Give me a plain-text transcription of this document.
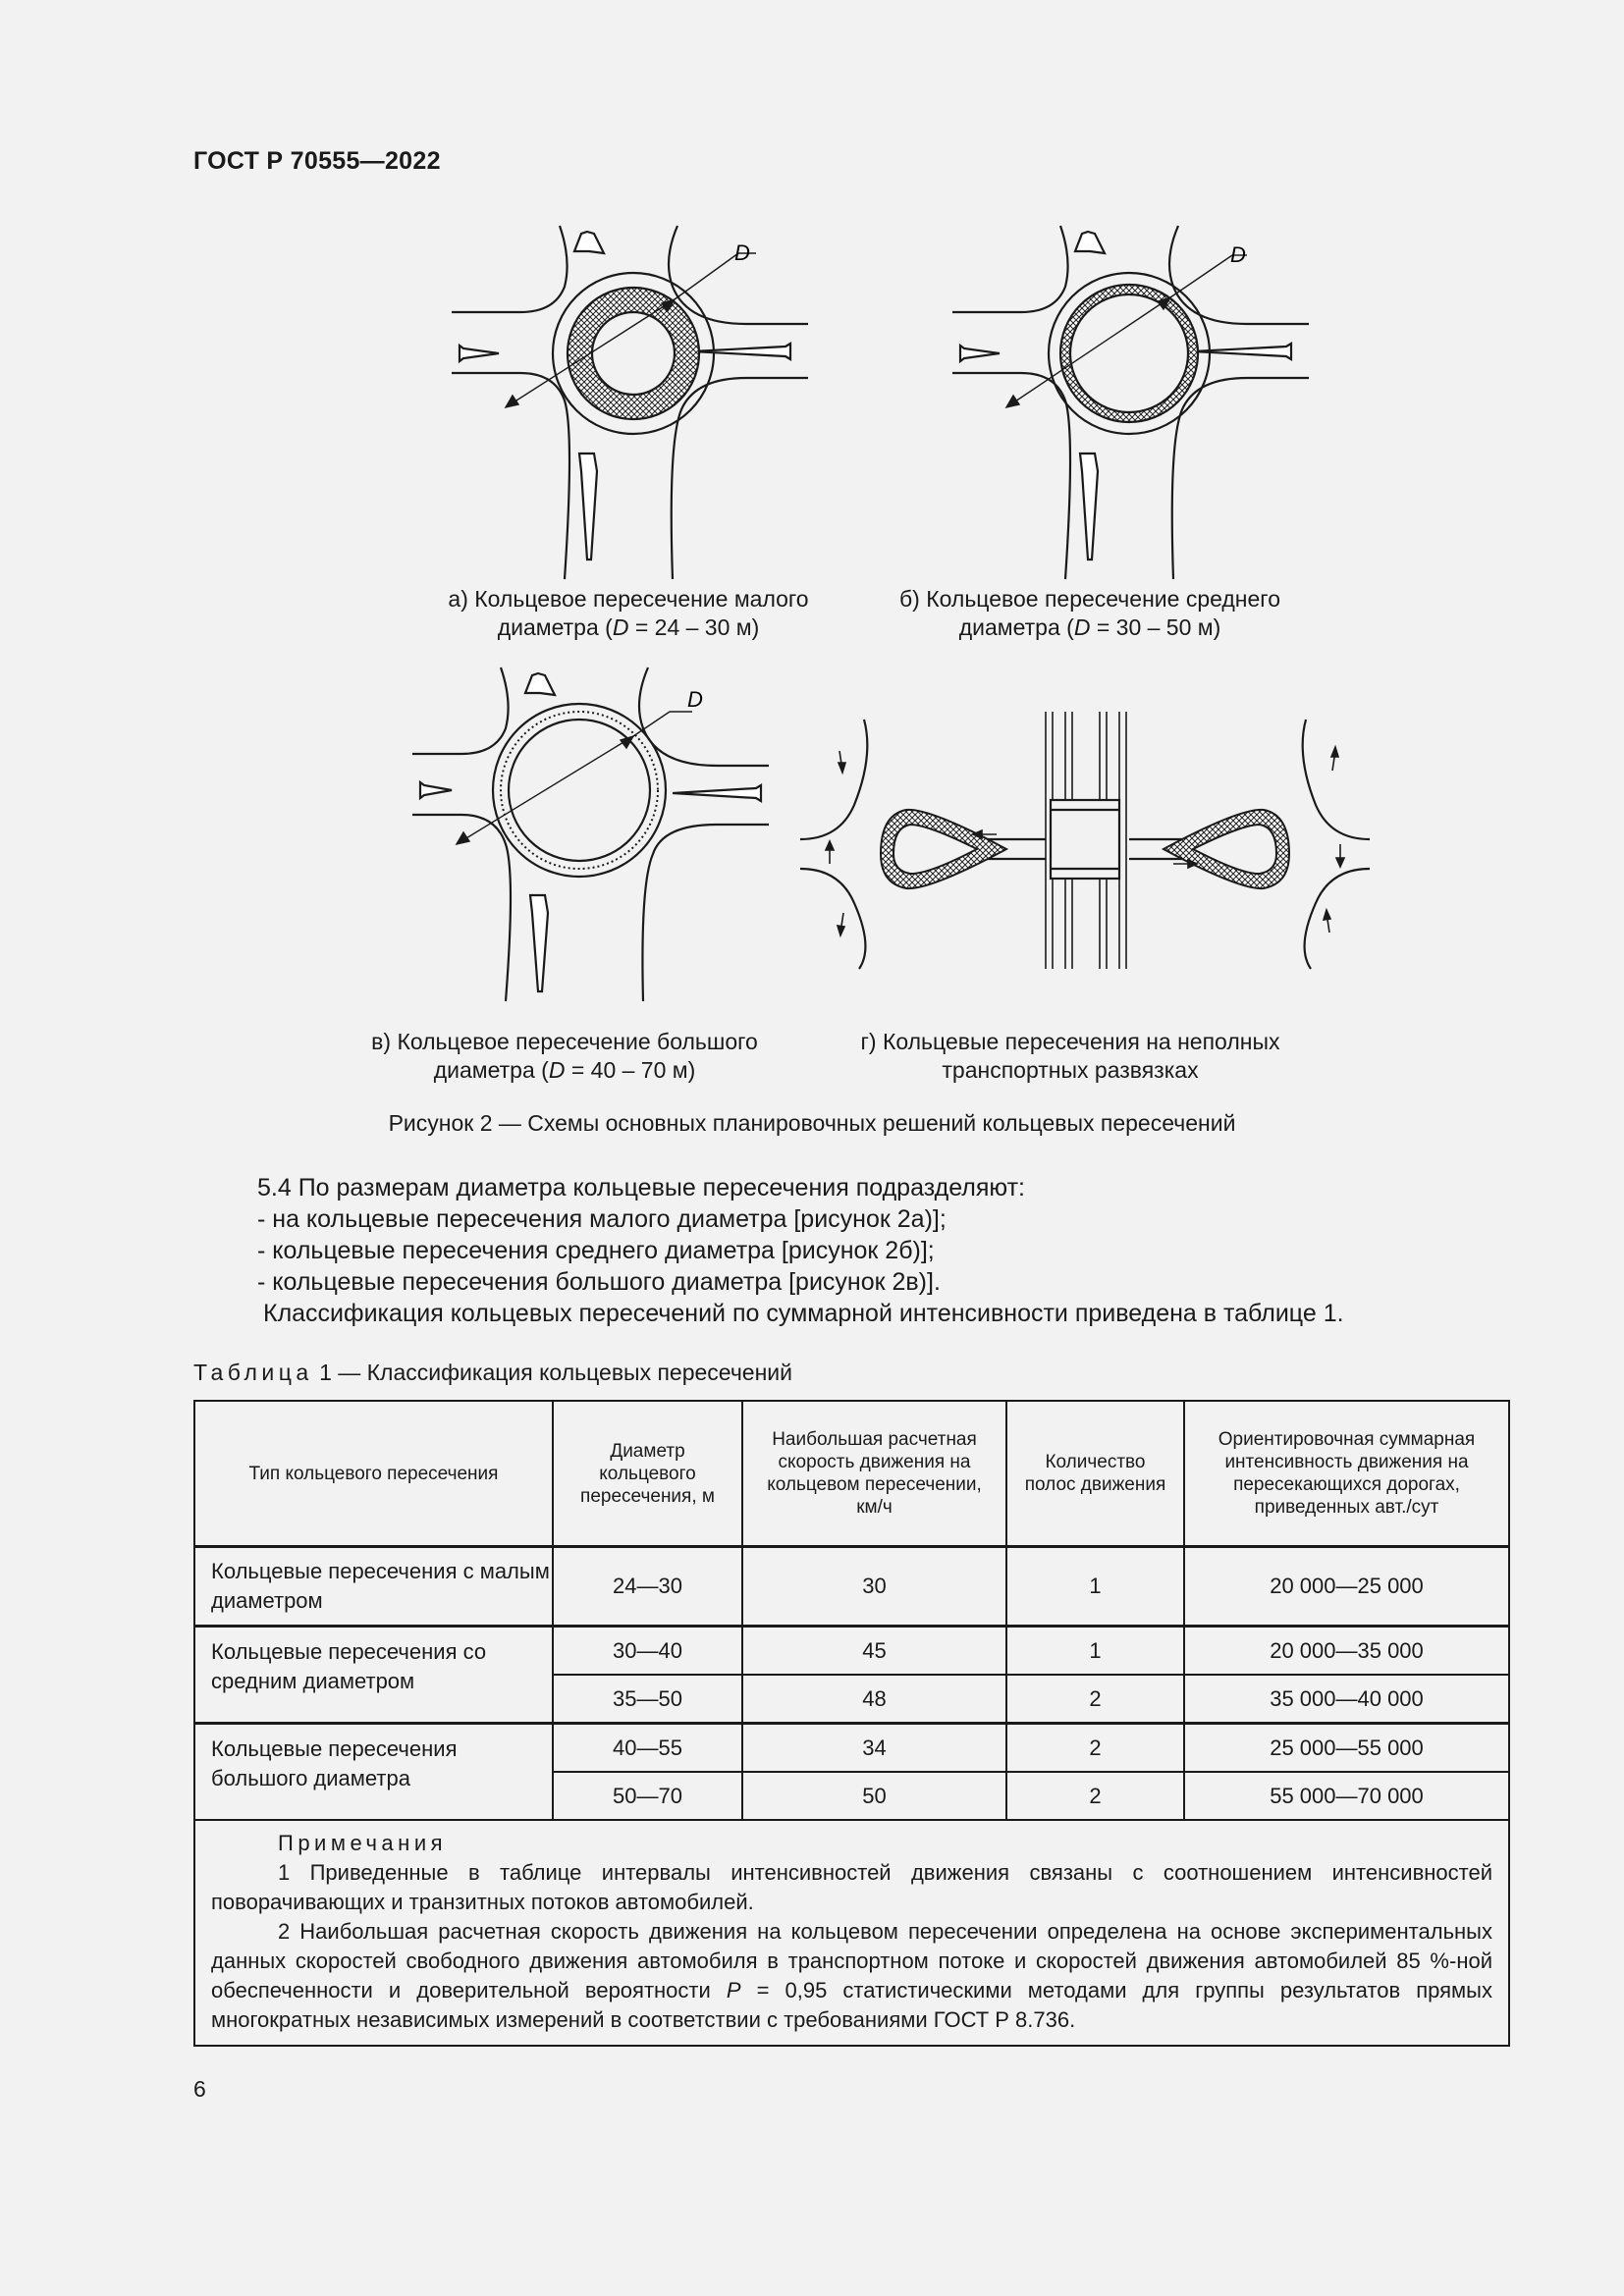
ГОСТ Р 70555—2022
D	D
а) Кольцевое пересечение малого
диаметра (D = 24 – 30 м)
б) Кольцевое пересечение среднего
диаметра (D = 30 – 50 м)
D
в) Кольцевое пересечение большого
диаметра (D = 40 – 70 м)
г) Кольцевые пересечения на неполных
транспортных развязках
Рисунок 2 — Схемы основных планировочных решений кольцевых пересечений
5.4 По размерам диаметра кольцевые пересечения подразделяют:
- на кольцевые пересечения малого диаметра [рисунок 2а)];
- кольцевые пересечения среднего диаметра [рисунок 2б)];
- кольцевые пересечения большого диаметра [рисунок 2в)].
Классификация кольцевых пересечений по суммарной интенсивности приведена в таблице 1.
Таблица 1 — Классификация кольцевых пересечений
Тип кольцевого пересечения	Диаметр кольцевого пересечения, м	Наибольшая расчетная скорость движения на кольцевом пересечении, км/ч	Количество полос движения	Ориентировочная суммарная интенсивность движения на пересекающихся дорогах, приведенных авт./сут
Кольцевые пересечения с малым диаметром	24—30	30	1	20 000—25 000
Кольцевые пересечения со средним диаметром	30—40	45	1	20 000—35 000
	35—50	48	2	35 000—40 000
Кольцевые пересечения большого диаметра	40—55	34	2	25 000—55 000
	50—70	50	2	55 000—70 000

Примечания
1 Приведенные в таблице интервалы интенсивностей движения связаны с соотношением интенсивностей поворачивающих и транзитных потоков автомобилей.
2 Наибольшая расчетная скорость движения на кольцевом пересечении определена на основе экспериментальных данных скоростей свободного движения автомобиля в транспортном потоке и скоростей движения автомобилей 85 %-ной обеспеченности и доверительной вероятности P = 0,95 статистическими методами для группы результатов прямых многократных независимых измерений в соответствии с требованиями ГОСТ Р 8.736.				
6
